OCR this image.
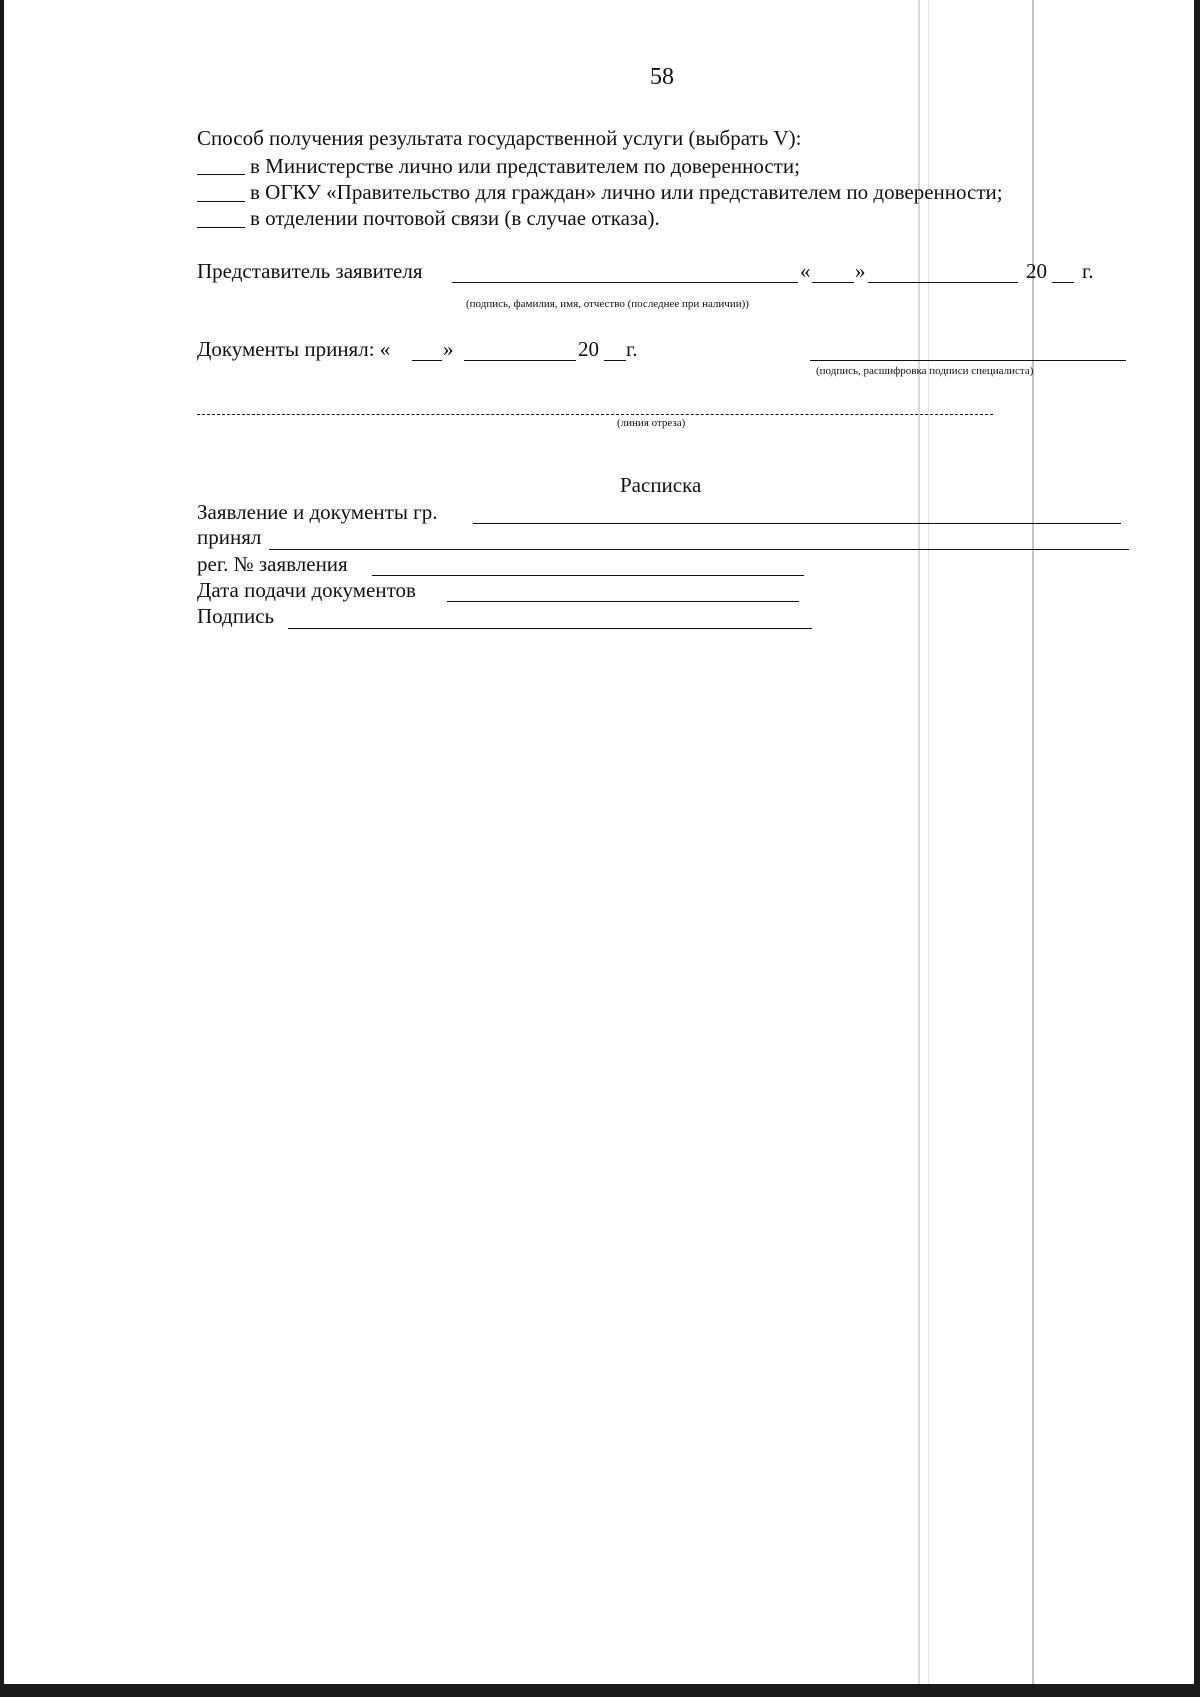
58
Способ получения результата государственной услуги (выбрать V):
в Министерстве лично или представителем по доверенности;
в ОГКУ «Правительство для граждан» лично или представителем по доверенности;
в отделении почтовой связи (в случае отказа).
Представитель заявителя	« »	20 г.
(подпись, фамилия, имя, отчество (последнее при наличии))
Документы принял: «	»	20 г.
(подпись, расшифровка подписи специалиста)
(линия отреза)
Расписка
Заявление и документы гр.
принял
рег. № заявления
Дата подачи документов
Подпись
